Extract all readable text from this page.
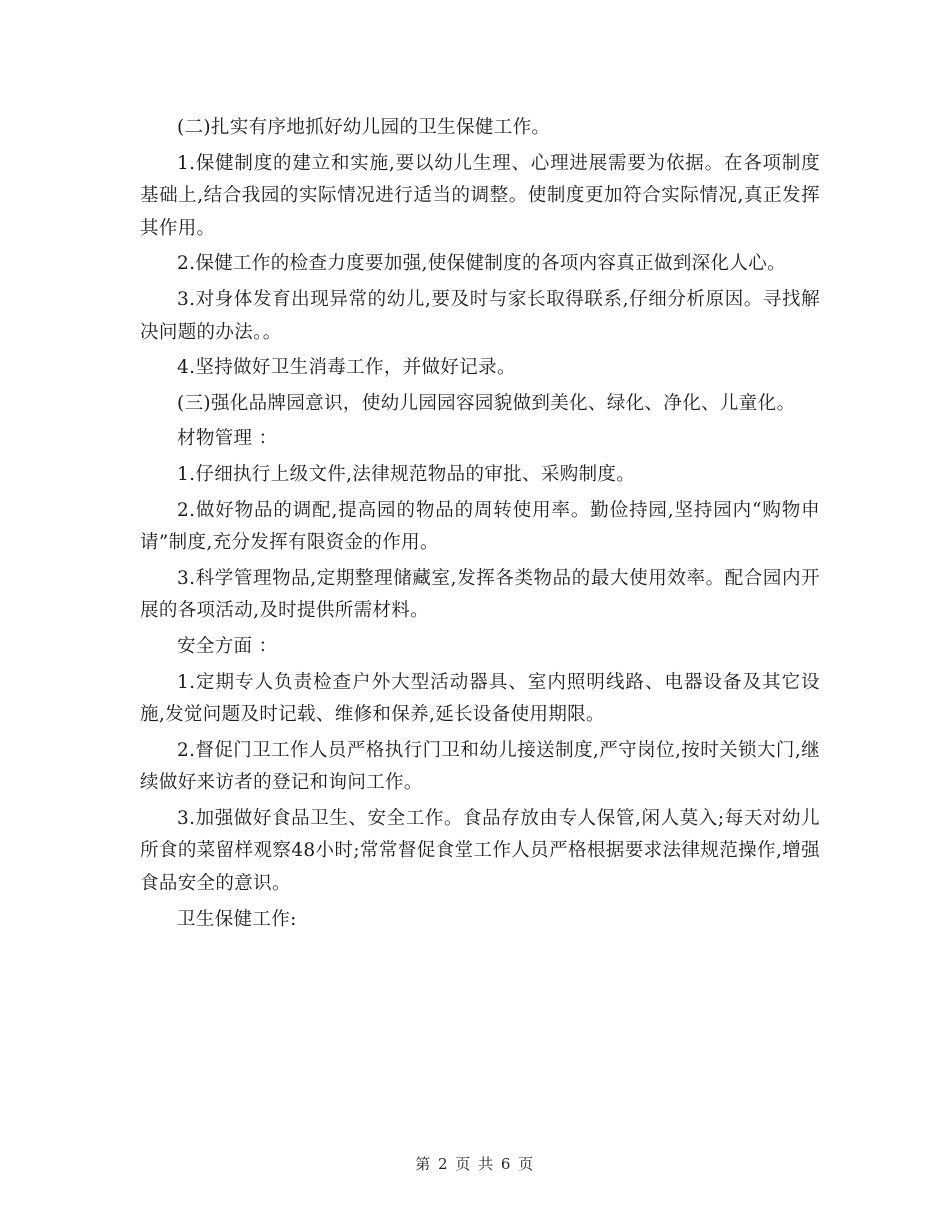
(二)扎实有序地抓好幼儿园的卫生保健工作。

1.保健制度的建立和实施,要以幼儿生理、心理进展需要为依据。在各项制度基础上,结合我园的实际情况进行适当的调整。使制度更加符合实际情况,真正发挥其作用。

2.保健工作的检查力度要加强,使保健制度的各项内容真正做到深化人心。

3.对身体发育出现异常的幼儿,要及时与家长取得联系,仔细分析原因。寻找解决问题的办法。。

4.坚持做好卫生消毒工作，并做好记录。

(三)强化品牌园意识，使幼儿园园容园貌做到美化、绿化、净化、儿童化。

材物管理 ：

1.仔细执行上级文件,法律规范物品的审批、采购制度。

2.做好物品的调配,提高园的物品的周转使用率。勤俭持园,坚持园内“购物申请”制度,充分发挥有限资金的作用。

3.科学管理物品,定期整理储藏室,发挥各类物品的最大使用效率。配合园内开展的各项活动,及时提供所需材料。

安全方面 ：

1.定期专人负责检查户外大型活动器具、室内照明线路、电器设备及其它设施,发觉问题及时记载、维修和保养,延长设备使用期限。

2.督促门卫工作人员严格执行门卫和幼儿接送制度,严守岗位,按时关锁大门,继续做好来访者的登记和询问工作。

3.加强做好食品卫生、安全工作。食品存放由专人保管,闲人莫入;每天对幼儿所食的菜留样观察48小时;常常督促食堂工作人员严格根据要求法律规范操作,增强食品安全的意识。

卫生保健工作:

第 2 页 共 6 页
